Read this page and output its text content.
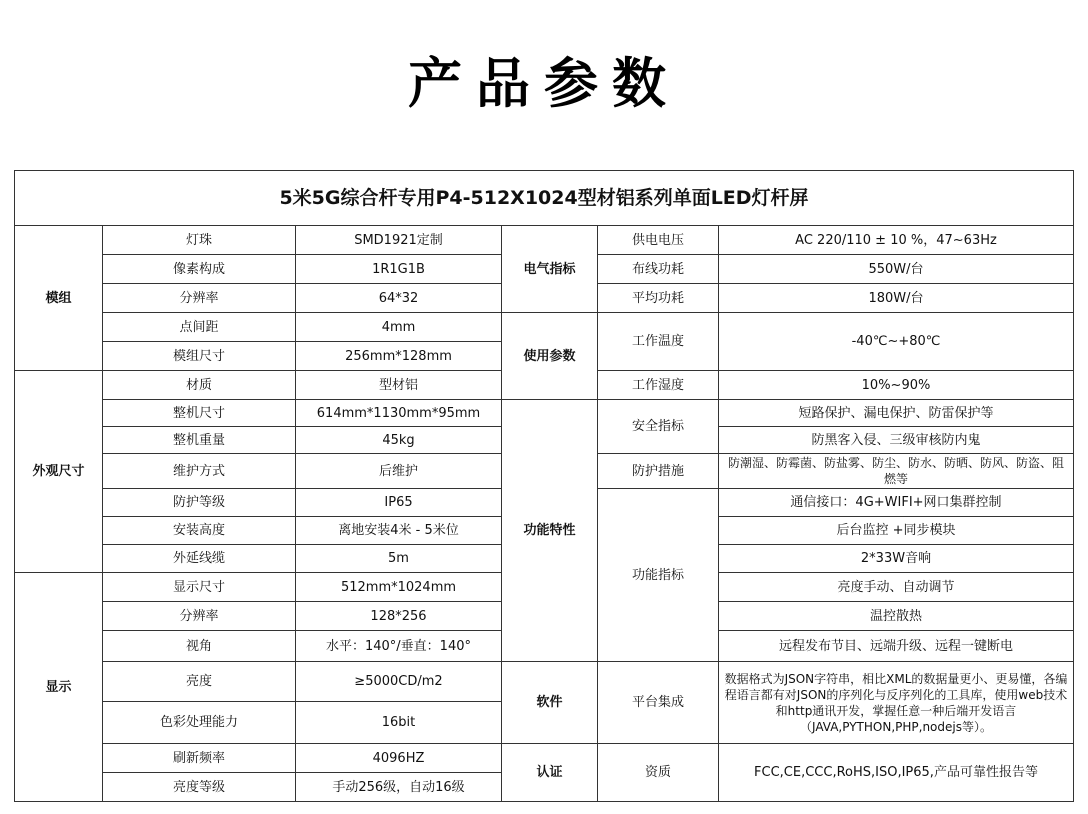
产品参数
5米5G综合杆专用P4-512X1024型材铝系列单面LED灯杆屏					
模组	灯珠	SMD1921定制	电气指标	供电电压	AC 220/110 ± 10 %，47~63Hz
	像素构成	1R1G1B		布线功耗	550W/台
	分辨率	64*32		平均功耗	180W/台
	点间距	4mm	使用参数	工作温度	-40℃~+80℃
	模组尺寸	256mm*128mm			
外观尺寸	材质	型材铝		工作湿度	10%~90%
	整机尺寸	614mm*1130mm*95mm	功能特性	安全指标	短路保护、漏电保护、防雷保护等
	整机重量	45kg			防黑客入侵、三级审核防内鬼
	维护方式	后维护		防护措施	防潮湿、防霉菌、防盐雾、防尘、防水、防晒、防风、防盗、阻燃等
	防护等级	IP65		功能指标	通信接口：4G+WIFI+网口集群控制
	安装高度	离地安装4米 - 5米位			后台监控 +同步模块
	外延线缆	5m			2*33W音响
显示	显示尺寸	512mm*1024mm			亮度手动、自动调节
	分辨率	128*256			温控散热
	视角	水平：140°/垂直：140°			远程发布节目、远端升级、远程一键断电
	亮度	≥5000CD/m2	软件	平台集成	数据格式为JSON字符串，相比XML的数据量更小、更易懂，各编程语言都有对JSON的序列化与反序列化的工具库，使用web技术和http通讯开发，掌握任意一种后端开发语言（JAVA,PYTHON,PHP,nodejs等）。
	色彩处理能力	16bit			
	刷新频率	4096HZ	认证	资质	FCC,CE,CCC,RoHS,ISO,IP65,产品可靠性报告等
	亮度等级	手动256级，自动16级			
